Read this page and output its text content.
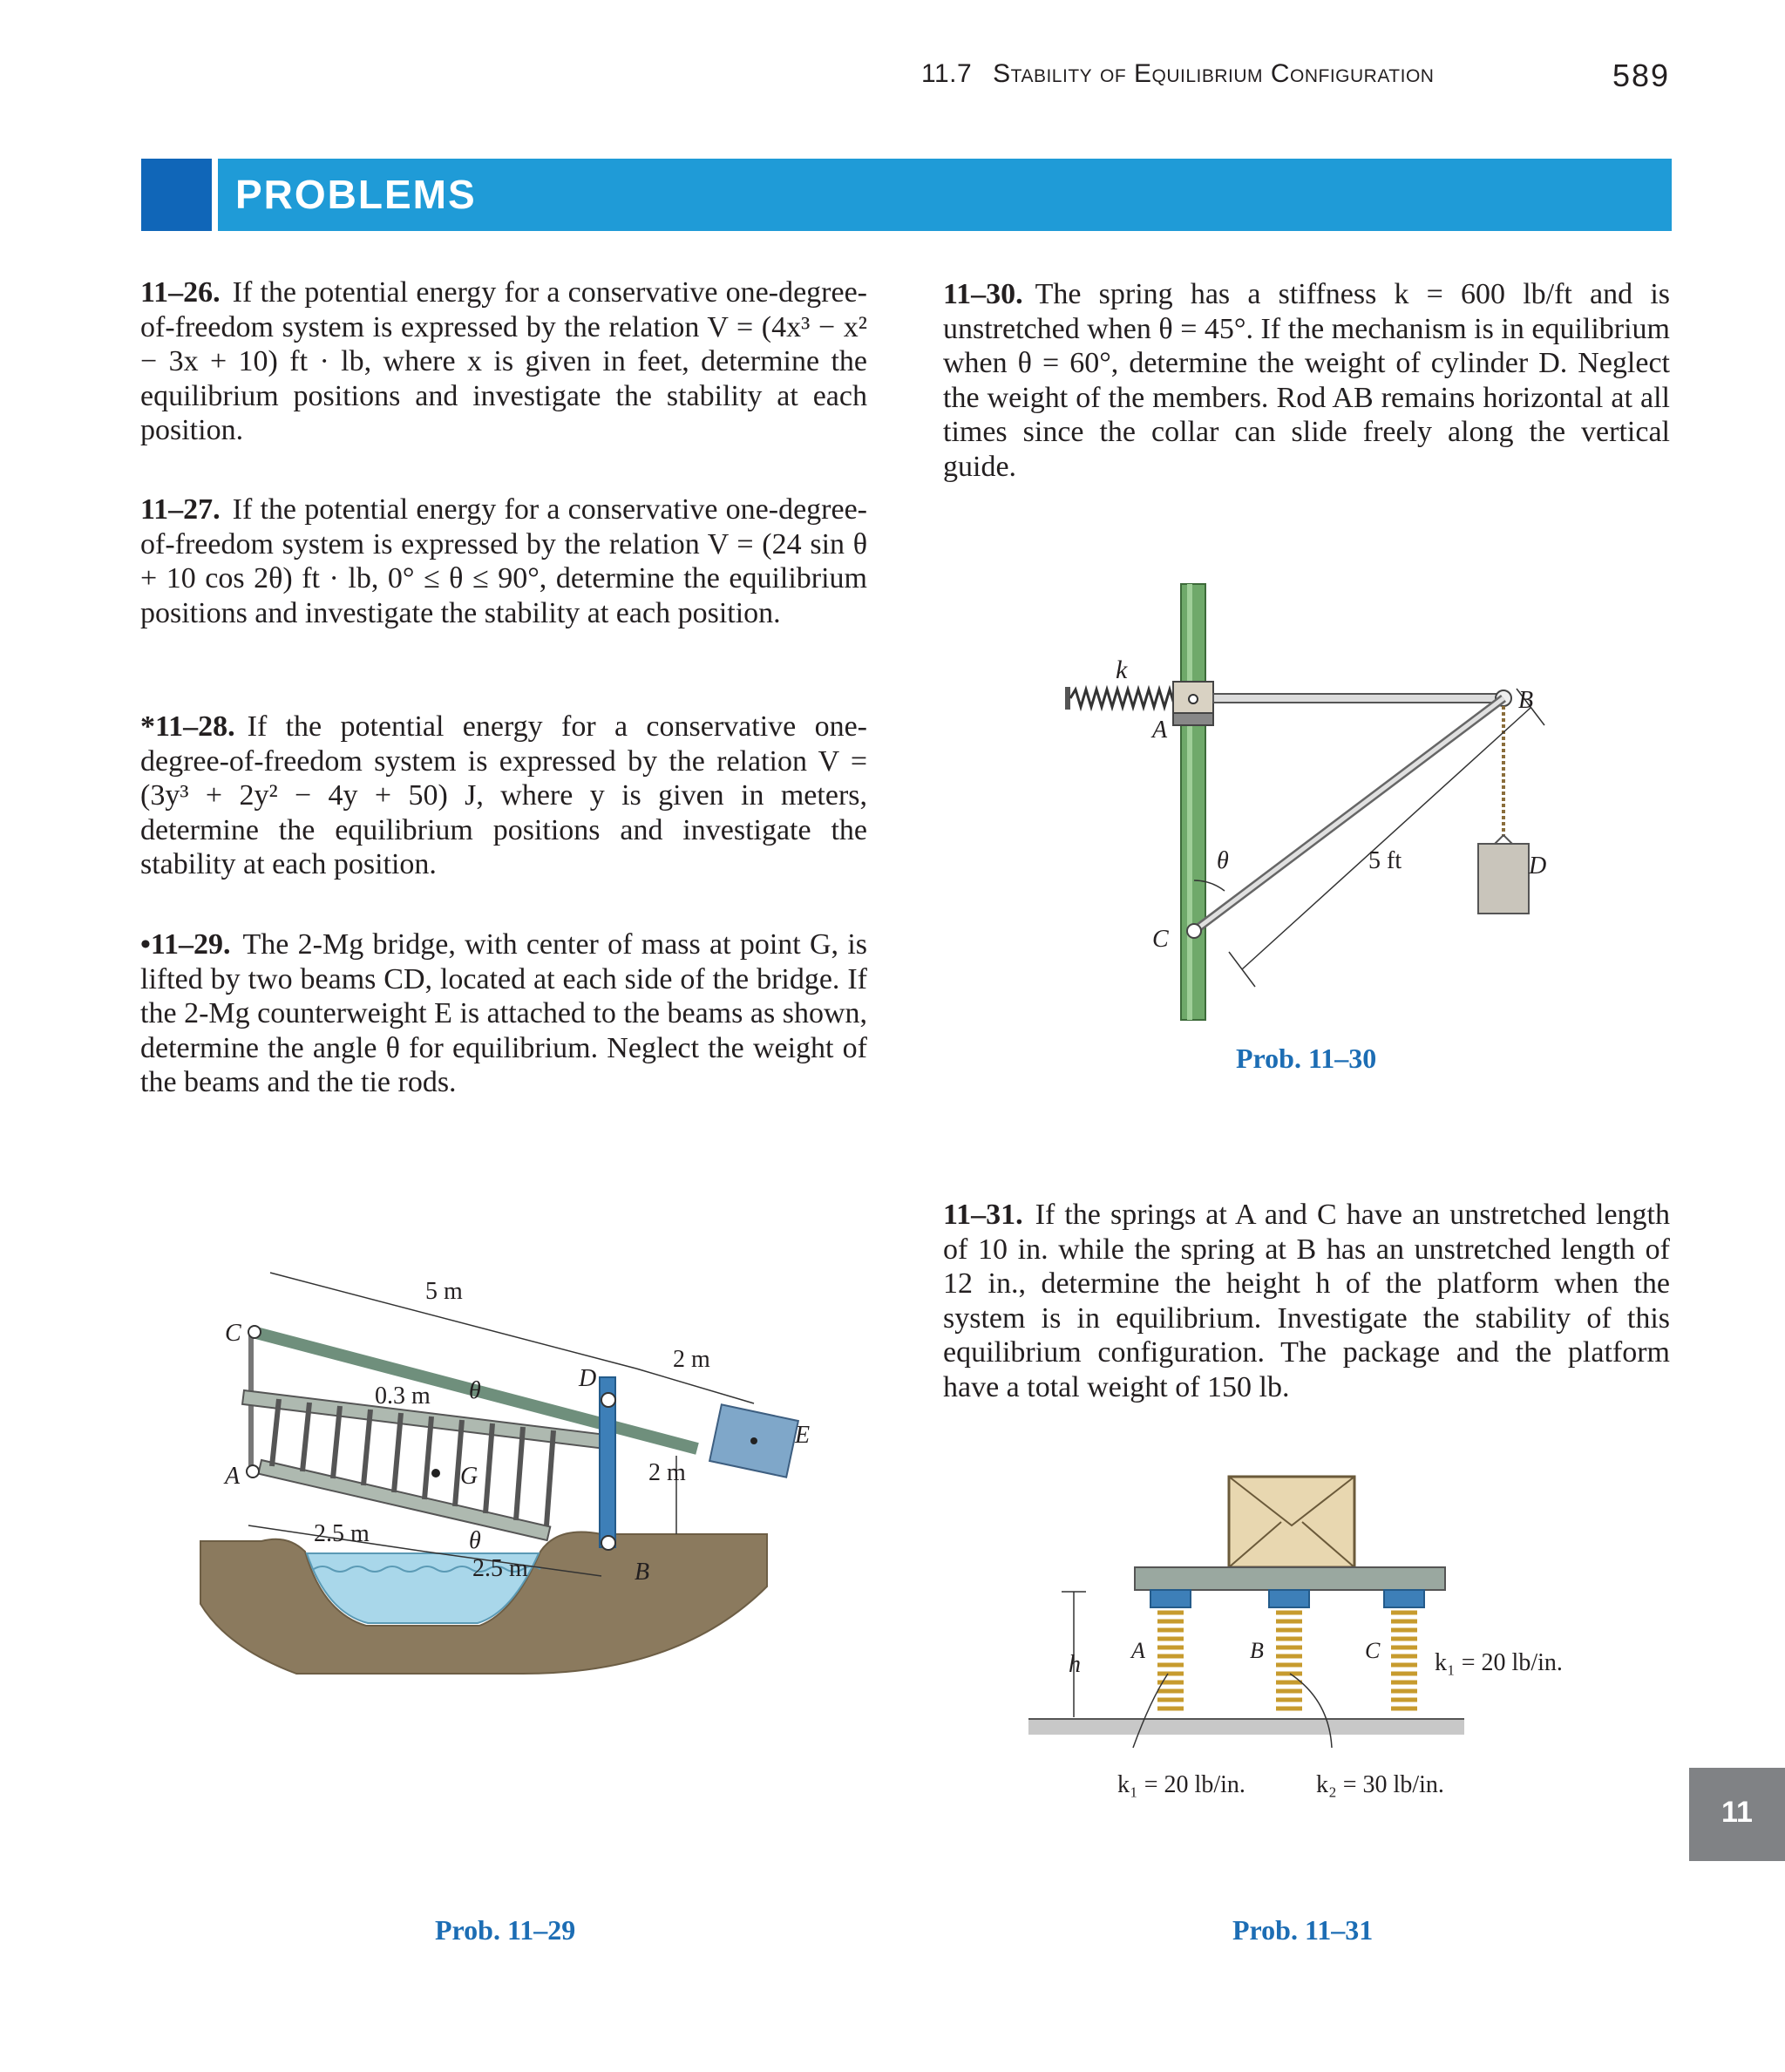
11.7 Stability of Equilibrium Configuration	589
PROBLEMS
11–26. If the potential energy for a conservative one-degree-of-freedom system is expressed by the relation V = (4x³ − x² − 3x + 10) ft · lb, where x is given in feet, determine the equilibrium positions and investigate the stability at each position.
11–27. If the potential energy for a conservative one-degree-of-freedom system is expressed by the relation V = (24 sin θ + 10 cos 2θ) ft · lb, 0° ≤ θ ≤ 90°, determine the equilibrium positions and investigate the stability at each position.
*11–28. If the potential energy for a conservative one-degree-of-freedom system is expressed by the relation V = (3y³ + 2y² − 4y + 50) J, where y is given in meters, determine the equilibrium positions and investigate the stability at each position.
•11–29. The 2-Mg bridge, with center of mass at point G, is lifted by two beams CD, located at each side of the bridge. If the 2-Mg counterweight E is attached to the beams as shown, determine the angle θ for equilibrium. Neglect the weight of the beams and the tie rods.
11–30. The spring has a stiffness k = 600 lb/ft and is unstretched when θ = 45°. If the mechanism is in equilibrium when θ = 60°, determine the weight of cylinder D. Neglect the weight of the members. Rod AB remains horizontal at all times since the collar can slide freely along the vertical guide.
11–31. If the springs at A and C have an unstretched length of 10 in. while the spring at B has an unstretched length of 12 in., determine the height h of the platform when the system is in equilibrium. Investigate the stability of this equilibrium configuration. The package and the platform have a total weight of 150 lb.
k
A
B
C
D
θ	5 ft
Prob. 11–30
5 m
2 m
0.3 m
2 m
2.5 m
2.5 m
C
A
D
E
G
B
θ
θ
Prob. 11–29
h
A	B	C k₁ = 20 lb/in.
k₁ = 20 lb/in.	k₂ = 30 lb/in.
Prob. 11–31
11
